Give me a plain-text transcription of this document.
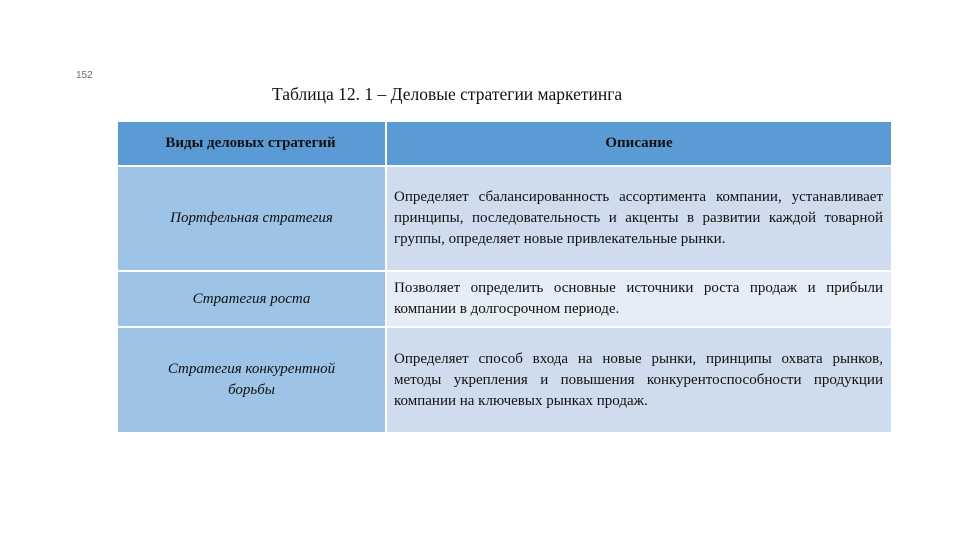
152
Таблица 12. 1 – Деловые стратегии маркетинга
Виды деловых стратегий	Описание
Портфельная стратегия	Определяет сбалансированность ассортимента компании, устанавливает принципы, последовательность и акценты в развитии каждой товарной группы, определяет новые привлекательные рынки.
Стратегия роста	Позволяет определить основные источники роста продаж и прибыли компании в долгосрочном периоде.
Стратегия конкурентной борьбы	Определяет способ входа на новые рынки, принципы охвата рынков, методы укрепления и повышения конкурентоспособности продукции компании на ключевых рынках продаж.
